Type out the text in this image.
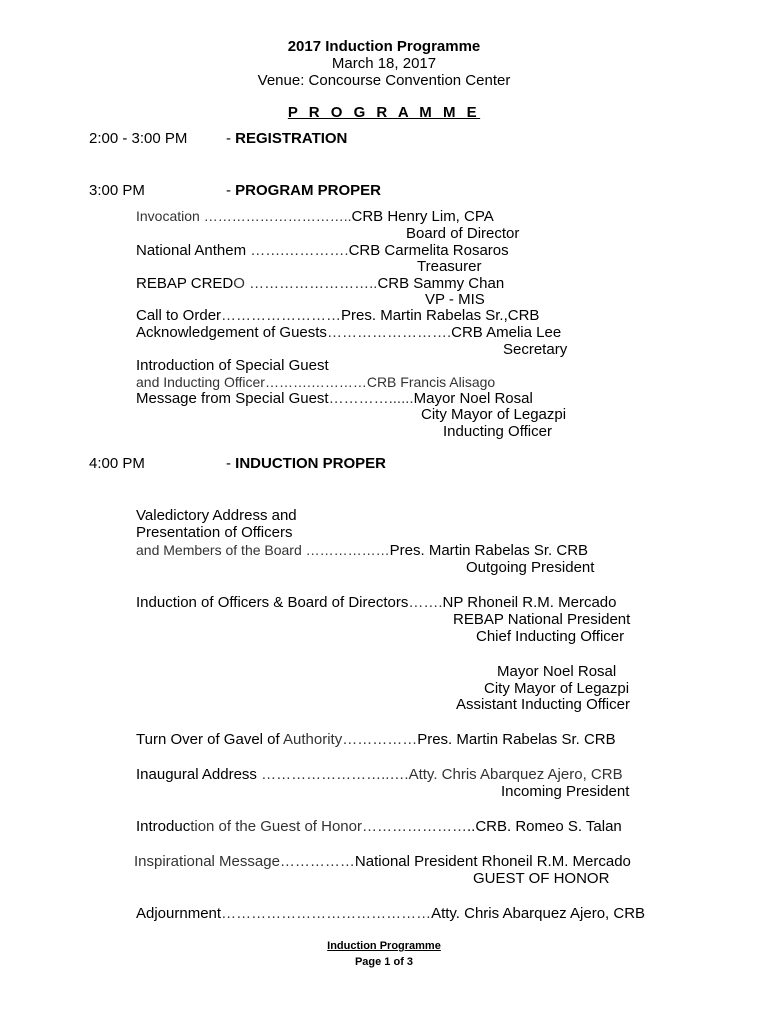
2017 Induction Programme
March 18, 2017
Venue: Concourse Convention Center
P R O G R A M M E
2:00 - 3:00 PM	- REGISTRATION
3:00 PM	- PROGRAM PROPER
Invocation …………………………..CRB Henry Lim, CPA
Board of Director
National Anthem …….………….CRB Carmelita Rosaros
Treasurer
REBAP CREDO ……………………..CRB Sammy Chan
VP - MIS
Call to Order……………………Pres. Martin Rabelas Sr.,CRB
Acknowledgement of Guests…………………….CRB Amelia Lee
Secretary
Introduction of Special Guest
and Inducting Officer……….…………CRB Francis Alisago
Message from Special Guest…………......Mayor Noel Rosal
City Mayor of Legazpi
Inducting Officer
4:00 PM	- INDUCTION PROPER
Valedictory Address and
Presentation of Officers
and Members of the Board ………………Pres. Martin Rabelas Sr. CRB
Outgoing President
Induction of Officers & Board of Directors…….NP Rhoneil R.M. Mercado
REBAP National President
Chief Inducting Officer
Mayor Noel Rosal
City Mayor of Legazpi
Assistant Inducting Officer
Turn Over of Gavel of Authority……………Pres. Martin Rabelas Sr. CRB
Inaugural Address ……………………..….Atty. Chris Abarquez Ajero, CRB
Incoming President
Introduction of the Guest of Honor…………………..CRB. Romeo S. Talan
Inspirational Message……………National President Rhoneil R.M. Mercado
GUEST OF HONOR
Adjournment……………………………………Atty. Chris Abarquez Ajero, CRB
Induction Programme
Page 1 of 3
